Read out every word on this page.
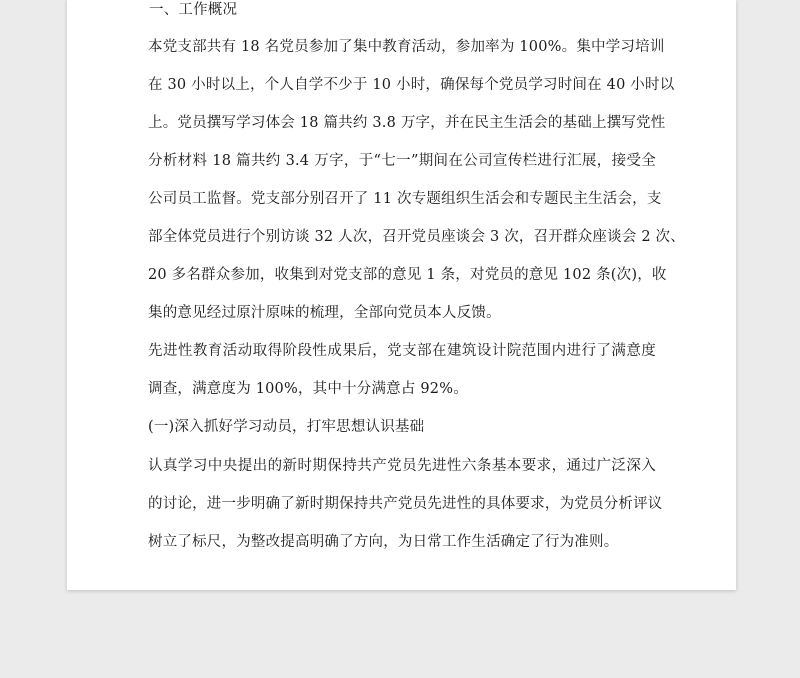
一、工作概况
本党支部共有 18 名党员参加了集中教育活动，参加率为 100%。集中学习培训
在 30 小时以上，个人自学不少于 10 小时，确保每个党员学习时间在 40 小时以
上。党员撰写学习体会 18 篇共约 3.8 万字，并在民主生活会的基础上撰写党性
分析材料 18 篇共约 3.4 万字，于“七一”期间在公司宣传栏进行汇展，接受全
公司员工监督。党支部分别召开了 11 次专题组织生活会和专题民主生活会，支
部全体党员进行个别访谈 32 人次，召开党员座谈会 3 次，召开群众座谈会 2 次、
20 多名群众参加，收集到对党支部的意见 1 条，对党员的意见 102 条(次)，收
集的意见经过原汁原味的梳理，全部向党员本人反馈。
先进性教育活动取得阶段性成果后，党支部在建筑设计院范围内进行了满意度
调查，满意度为 100%，其中十分满意占 92%。
(一)深入抓好学习动员，打牢思想认识基础
认真学习中央提出的新时期保持共产党员先进性六条基本要求，通过广泛深入
的讨论，进一步明确了新时期保持共产党员先进性的具体要求，为党员分析评议
树立了标尺，为整改提高明确了方向，为日常工作生活确定了行为准则。
